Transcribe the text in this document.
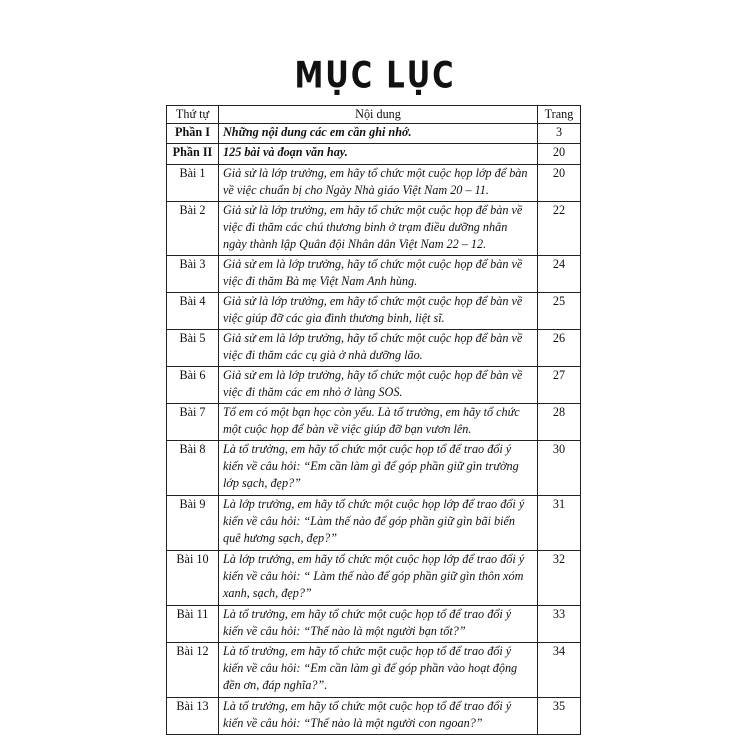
MỤC LỤC
Thứ tự	Nội dung	Trang
Phần I	Những nội dung các em cần ghi nhớ.	3
Phần II	125 bài và đoạn văn hay.	20
Bài 1	Giả sử là lớp trưởng, em hãy tổ chức một cuộc họp lớp để bàn về việc chuẩn bị cho Ngày Nhà giáo Việt Nam 20 – 11.	20
Bài 2	Giả sử là lớp trưởng, em hãy tổ chức một cuộc họp để bàn về việc đi thăm các chú thương binh ở trạm điều dưỡng nhân ngày thành lập Quân đội Nhân dân Việt Nam 22 – 12.	22
Bài 3	Giả sử em là lớp trưởng, hãy tổ chức một cuộc họp để bàn về việc đi thăm Bà mẹ Việt Nam Anh hùng.	24
Bài 4	Giả sử là lớp trưởng, em hãy tổ chức một cuộc họp để bàn về việc giúp đỡ các gia đình thương binh, liệt sĩ.	25
Bài 5	Giả sử em là lớp trưởng, hãy tổ chức một cuộc họp để bàn về việc đi thăm các cụ già ở nhà dưỡng lão.	26
Bài 6	Giả sử em là lớp trưởng, hãy tổ chức một cuộc họp để bàn về việc đi thăm các em nhỏ ở làng SOS.	27
Bài 7	Tổ em có một bạn học còn yếu. Là tổ trưởng, em hãy tổ chức một cuộc họp để bàn về việc giúp đỡ bạn vươn lên.	28
Bài 8	Là tổ trưởng, em hãy tổ chức một cuộc họp tổ để trao đổi ý kiến về câu hỏi: “Em cần làm gì để góp phần giữ gìn trường lớp sạch, đẹp?”	30
Bài 9	Là lớp trưởng, em hãy tổ chức một cuộc họp lớp để trao đổi ý kiến về câu hỏi: “Làm thế nào để góp phần giữ gìn bãi biển quê hương sạch, đẹp?”	31
Bài 10	Là lớp trưởng, em hãy tổ chức một cuộc họp lớp để trao đổi ý kiến về câu hỏi: “ Làm thế nào để góp phần giữ gìn thôn xóm xanh, sạch, đẹp?”	32
Bài 11	Là tổ trưởng, em hãy tổ chức một cuộc họp tổ để trao đổi ý kiến về câu hỏi: “Thế nào là một người bạn tốt?”	33
Bài 12	Là tổ trưởng, em hãy tổ chức một cuộc họp tổ để trao đổi ý kiến về câu hỏi: “Em cần làm gì để góp phần vào hoạt động đền ơn, đáp nghĩa?”.	34
Bài 13	Là tổ trưởng, em hãy tổ chức một cuộc họp tổ để trao đổi ý kiến về câu hỏi: “Thế nào là một người con ngoan?”	35
